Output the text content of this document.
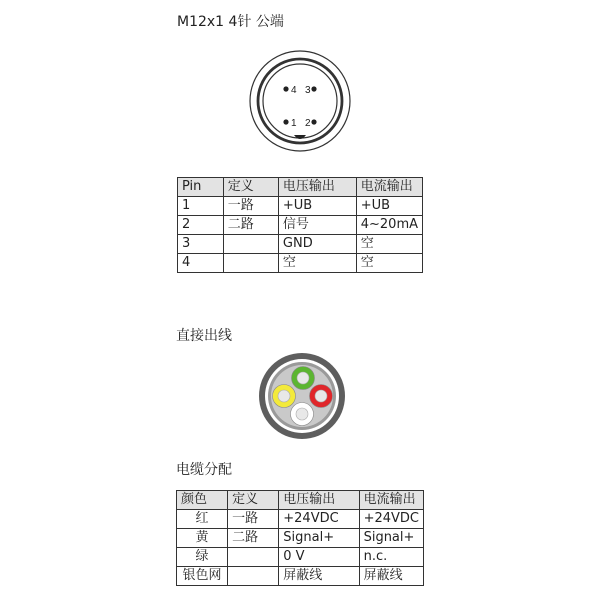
M12x1 4针 公端
4 3
1 2
Pin	定义	电压输出	电流输出
1	一路	+UB	+UB
2	二路	信号	4~20mA
3		GND	空
4		空	空
直接出线
电缆分配
颜色	定义	电压输出	电流输出
红	一路	+24VDC	+24VDC
黄	二路	Signal+	Signal+
绿		0 V	n.c.
银色网		屏蔽线	屏蔽线
